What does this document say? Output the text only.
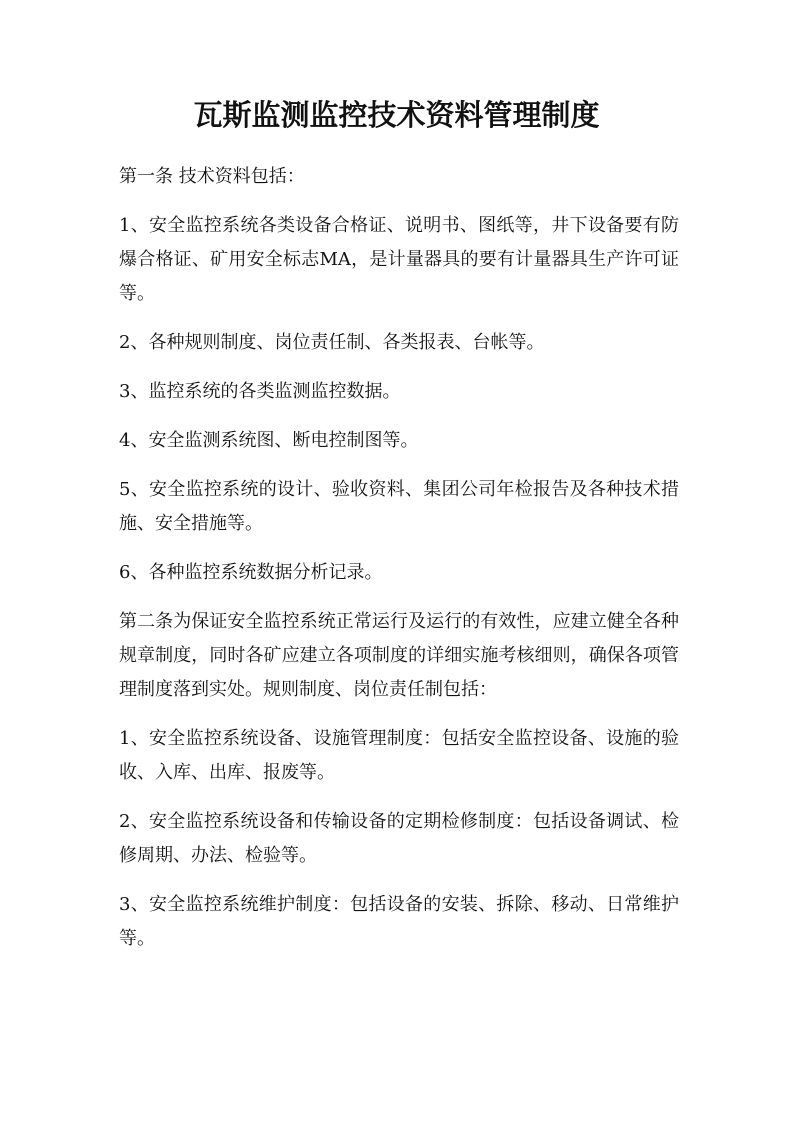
瓦斯监测监控技术资料管理制度

第一条 技术资料包括：

1、安全监控系统各类设备合格证、说明书、图纸等，井下设备要有防爆合格证、矿用安全标志MA，是计量器具的要有计量器具生产许可证等。

2、各种规则制度、岗位责任制、各类报表、台帐等。

3、监控系统的各类监测监控数据。

4、安全监测系统图、断电控制图等。

5、安全监控系统的设计、验收资料、集团公司年检报告及各种技术措施、安全措施等。

6、各种监控系统数据分析记录。

第二条为保证安全监控系统正常运行及运行的有效性，应建立健全各种规章制度，同时各矿应建立各项制度的详细实施考核细则，确保各项管理制度落到实处。规则制度、岗位责任制包括：

1、安全监控系统设备、设施管理制度：包括安全监控设备、设施的验收、入库、出库、报废等。

2、安全监控系统设备和传输设备的定期检修制度：包括设备调试、检修周期、办法、检验等。

3、安全监控系统维护制度：包括设备的安装、拆除、移动、日常维护等。
